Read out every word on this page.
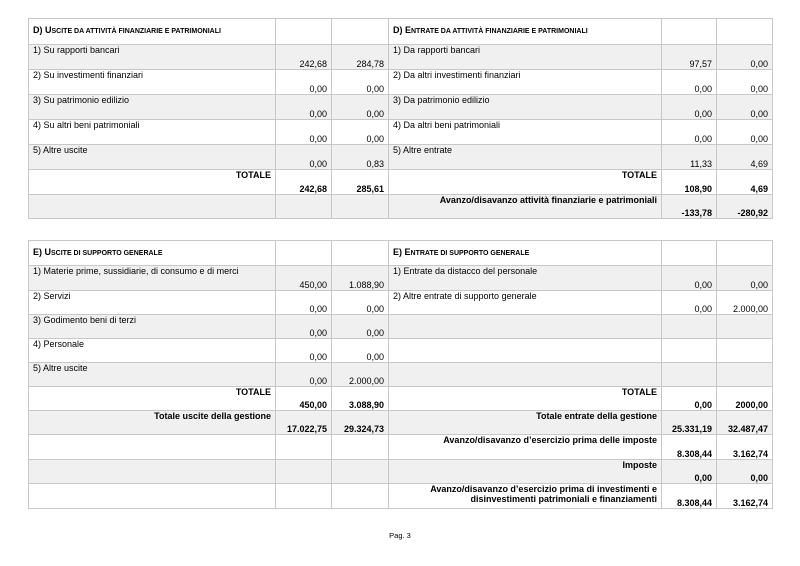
D) USCITE DA ATTIVITÀ FINANZIARIE E PATRIMONIALI			D) ENTRATE DA ATTIVITÀ FINANZIARIE E PATRIMONIALI		
1) Su rapporti bancari	242,68	284,78	1) Da rapporti bancari	97,57	0,00
2) Su investimenti finanziari	0,00	0,00	2) Da altri investimenti finanziari	0,00	0,00
3) Su patrimonio edilizio	0,00	0,00	3) Da patrimonio edilizio	0,00	0,00
4) Su altri beni patrimoniali	0,00	0,00	4) Da altri beni patrimoniali	0,00	0,00
5) Altre uscite	0,00	0,83	5) Altre entrate	11,33	4,69
TOTALE	242,68	285,61	TOTALE	108,90	4,69
			Avanzo/disavanzo attività finanziarie e patrimoniali	-133,78	-280,92
E) USCITE DI SUPPORTO GENERALE			E) ENTRATE DI SUPPORTO GENERALE		
1) Materie prime, sussidiarie, di consumo e di merci	450,00	1.088,90	1) Entrate da distacco del personale	0,00	0,00
2) Servizi	0,00	0,00	2) Altre entrate di supporto generale	0,00	2.000,00
3) Godimento beni di terzi	0,00	0,00			
4) Personale	0,00	0,00			
5) Altre uscite	0,00	2.000,00			
TOTALE	450,00	3.088,90	TOTALE	0,00	2000,00
Totale uscite della gestione	17.022,75	29.324,73	Totale entrate della gestione	25.331,19	32.487,47
			Avanzo/disavanzo d’esercizio prima delle imposte	8.308,44	3.162,74
			Imposte	0,00	0,00

			Avanzo/disavanzo d’esercizio prima di investimenti e
disinvestimenti patrimoniali e finanziamenti	8.308,44	3.162,74
Pag. 3
